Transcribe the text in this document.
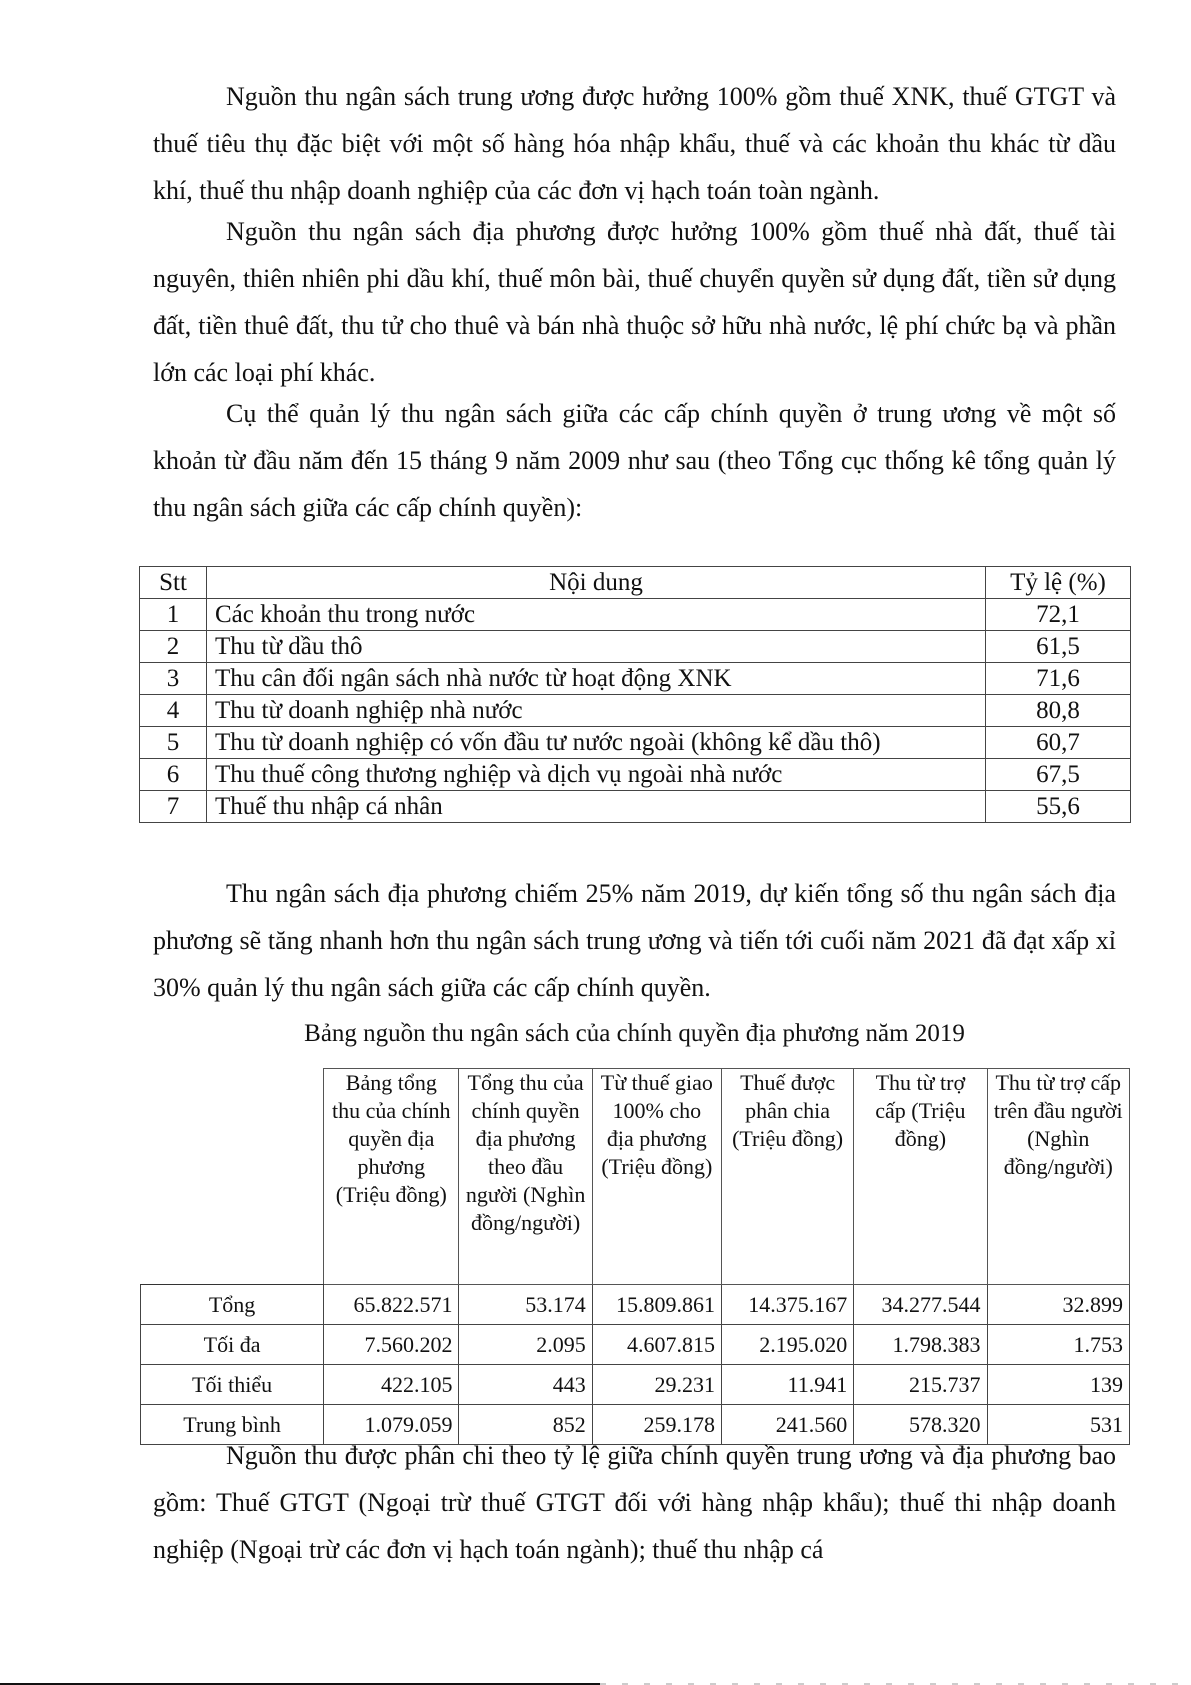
Nguồn thu ngân sách trung ương được hưởng 100% gồm thuế XNK, thuế GTGT và thuế tiêu thụ đặc biệt với một số hàng hóa nhập khẩu, thuế và các khoản thu khác từ dầu khí, thuế thu nhập doanh nghiệp của các đơn vị hạch toán toàn ngành.

Nguồn thu ngân sách địa phương được hưởng 100% gồm thuế nhà đất, thuế tài nguyên, thiên nhiên phi dầu khí, thuế môn bài, thuế chuyển quyền sử dụng đất, tiền sử dụng đất, tiền thuê đất, thu tử cho thuê và bán nhà thuộc sở hữu nhà nước, lệ phí chức bạ và phần lớn các loại phí khác.

Cụ thể quản lý thu ngân sách giữa các cấp chính quyền ở trung ương về một số khoản từ đầu năm đến 15 tháng 9 năm 2009 như sau (theo Tổng cục thống kê tổng quản lý thu ngân sách giữa các cấp chính quyền):

Stt	Nội dung	Tỷ lệ (%)
1	Các khoản thu trong nước	72,1
2	Thu từ dầu thô	61,5
3	Thu cân đối ngân sách nhà nước từ hoạt động XNK	71,6
4	Thu từ doanh nghiệp nhà nước	80,8
5	Thu từ doanh nghiệp có vốn đầu tư nước ngoài (không kể dầu thô)	60,7
6	Thu thuế công thương nghiệp và dịch vụ ngoài nhà nước	67,5
7	Thuế thu nhập cá nhân	55,6

Thu ngân sách địa phương chiếm 25% năm 2019, dự kiến tổng số thu ngân sách địa phương sẽ tăng nhanh hơn thu ngân sách trung ương và tiến tới cuối năm 2021 đã đạt xấp xỉ 30% quản lý thu ngân sách giữa các cấp chính quyền.

Bảng nguồn thu ngân sách của chính quyền địa phương năm 2019
	Bảng tổng thu của chính quyền địa phương (Triệu đồng)	Tổng thu của chính quyền địa phương theo đầu người (Nghìn đồng/người)	Từ thuế giao 100% cho địa phương (Triệu đồng)	Thuế được phân chia (Triệu đồng)	Thu từ trợ cấp (Triệu đồng)	Thu từ trợ cấp trên đầu người (Nghìn đồng/người)
Tổng	65.822.571	53.174	15.809.861	14.375.167	34.277.544	32.899
Tối đa	7.560.202	2.095	4.607.815	2.195.020	1.798.383	1.753
Tối thiểu	422.105	443	29.231	11.941	215.737	139
Trung bình	1.079.059	852	259.178	241.560	578.320	531

Nguồn thu được phân chi theo tỷ lệ giữa chính quyền trung ương và địa phương bao gồm: Thuế GTGT (Ngoại trừ thuế GTGT đối với hàng nhập khẩu); thuế thi nhập doanh nghiệp (Ngoại trừ các đơn vị hạch toán ngành); thuế thu nhập cá
